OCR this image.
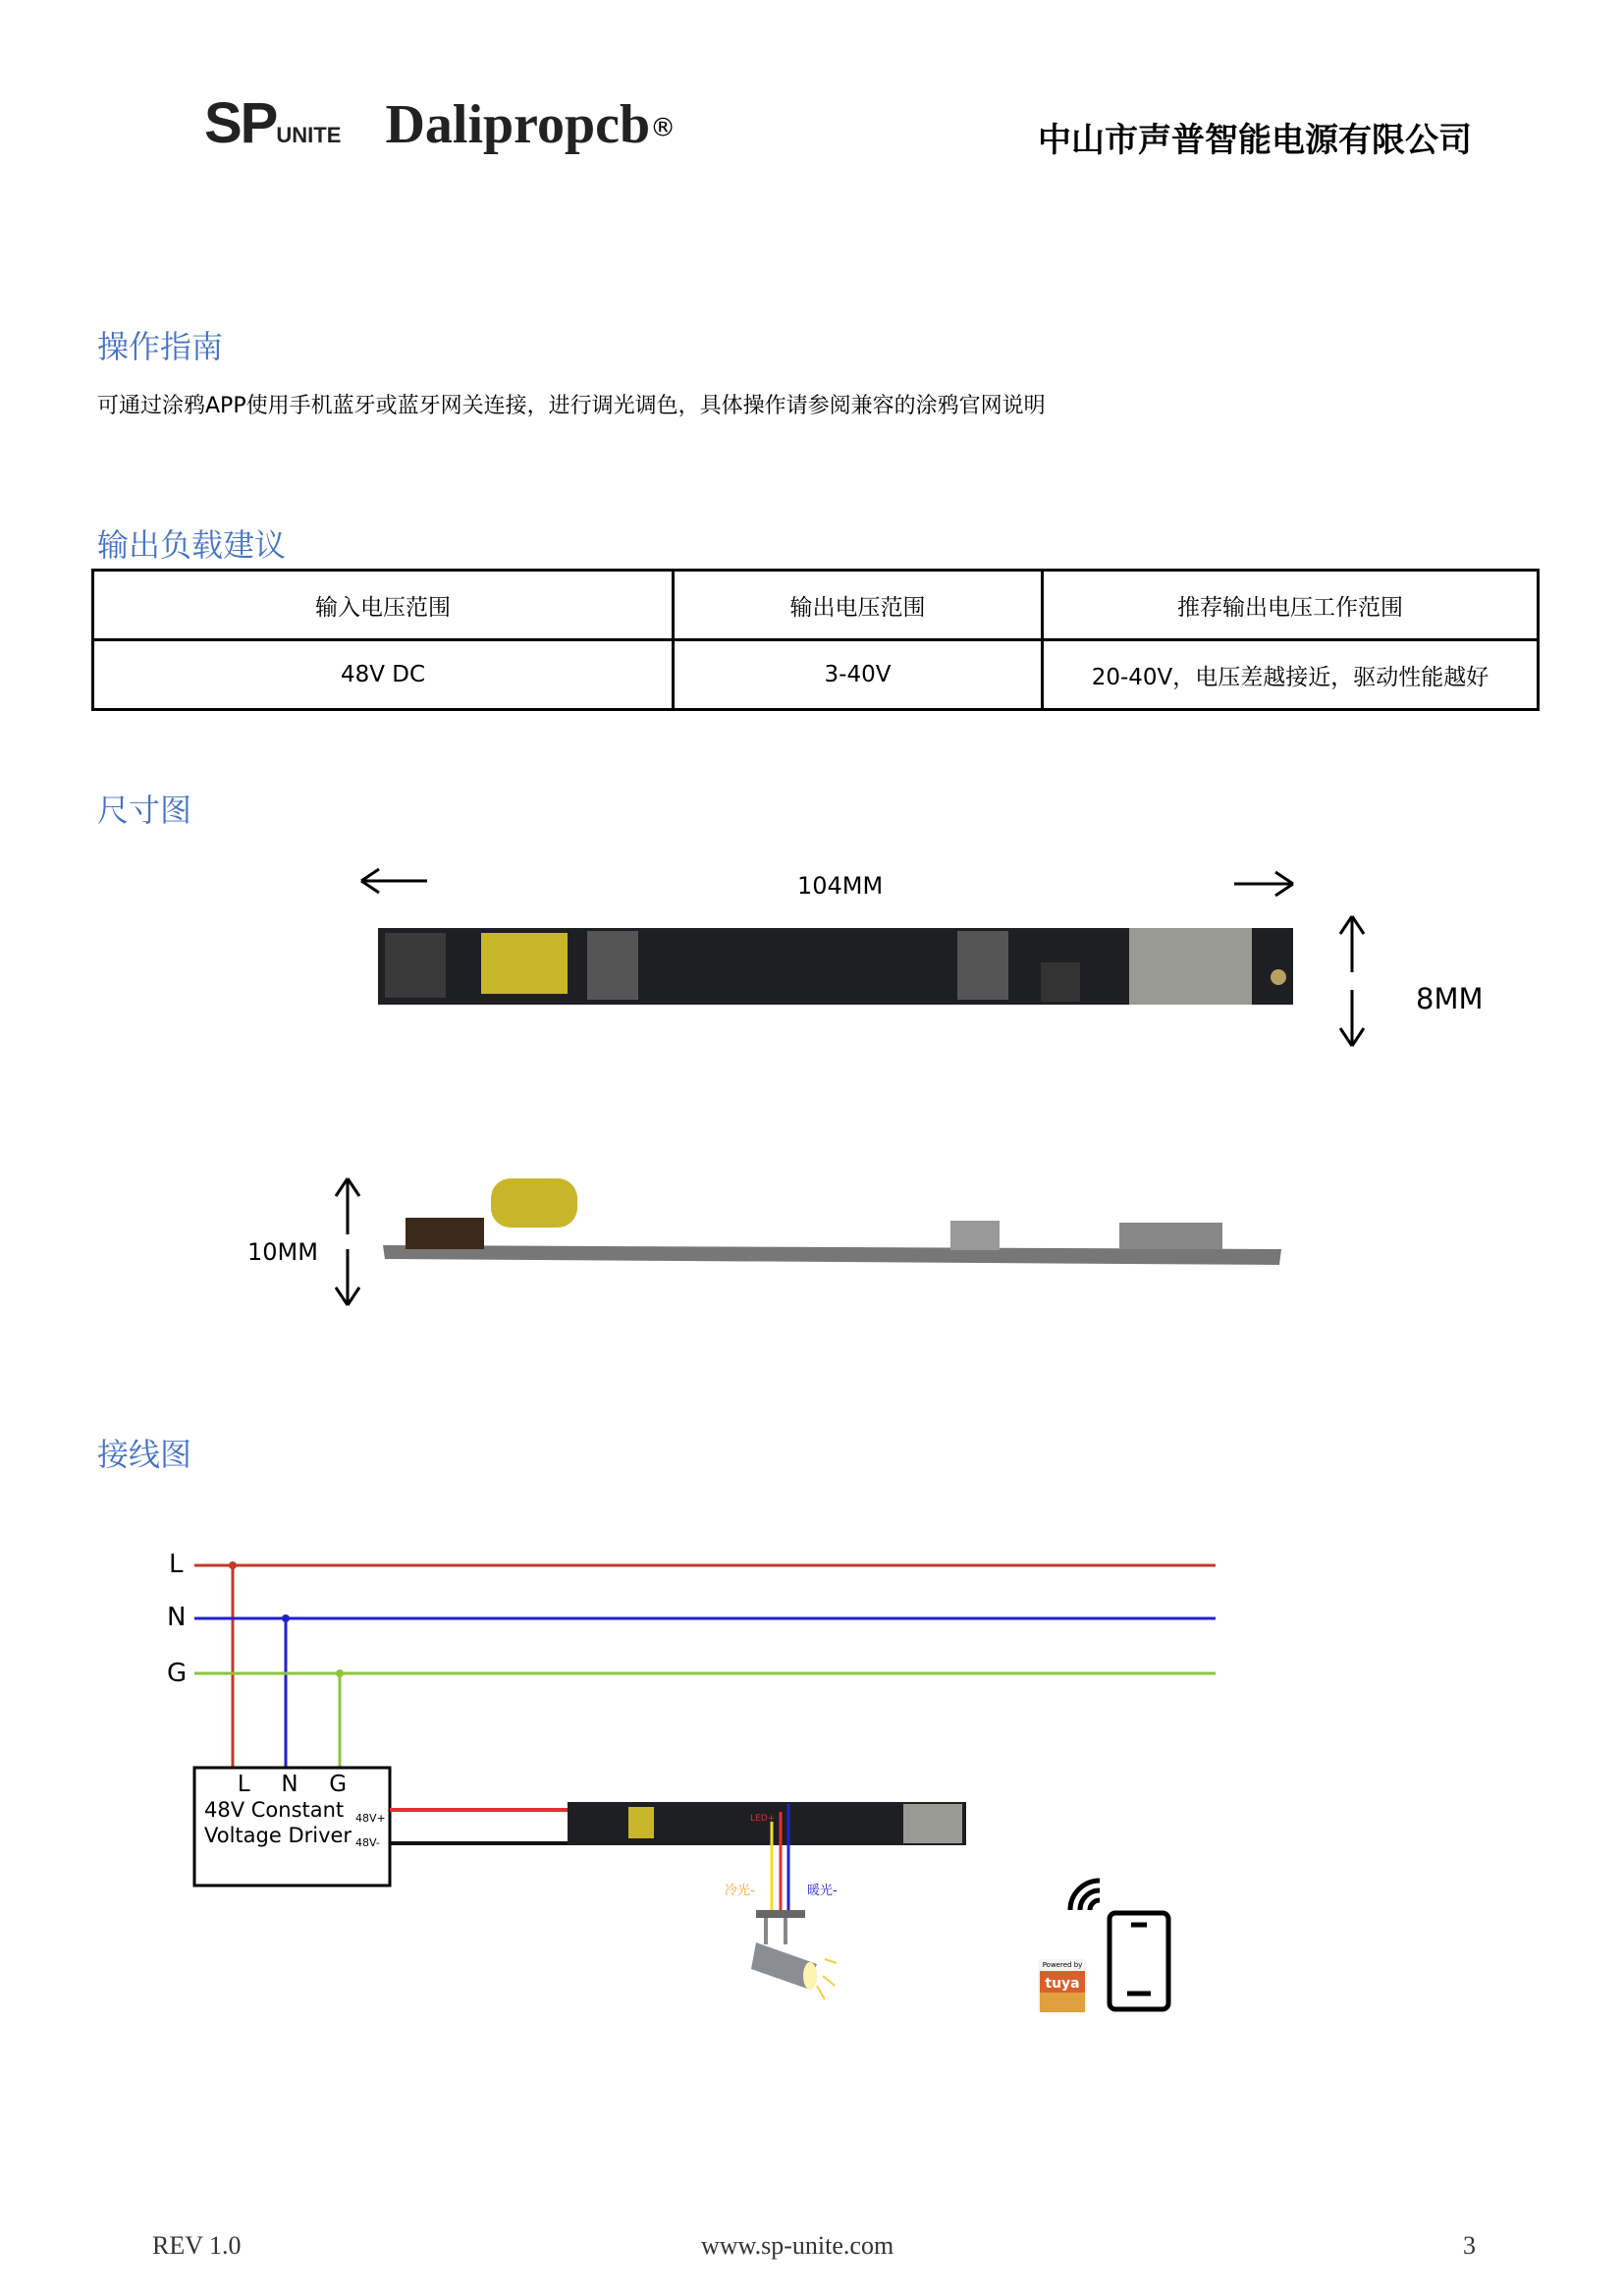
SPUNITE Dalipropcb®	中山市声普智能电源有限公司
操作指南
可通过涂鸦APP使用手机蓝牙或蓝牙网关连接，进行调光调色，具体操作请参阅兼容的涂鸦官网说明
输出负载建议
输入电压范围	输出电压范围	推荐输出电压工作范围
48V DC	3-40V	20-40V，电压差越接近，驱动性能越好
尺寸图
104MM
8MM
10MM
接线图
L
N
G
Powered by
tuya
L N G
48V Constant
Voltage Driver
48V+
48V-
LED+
冷光-	暖光-
REV 1.0	www.sp-unite.com	3
